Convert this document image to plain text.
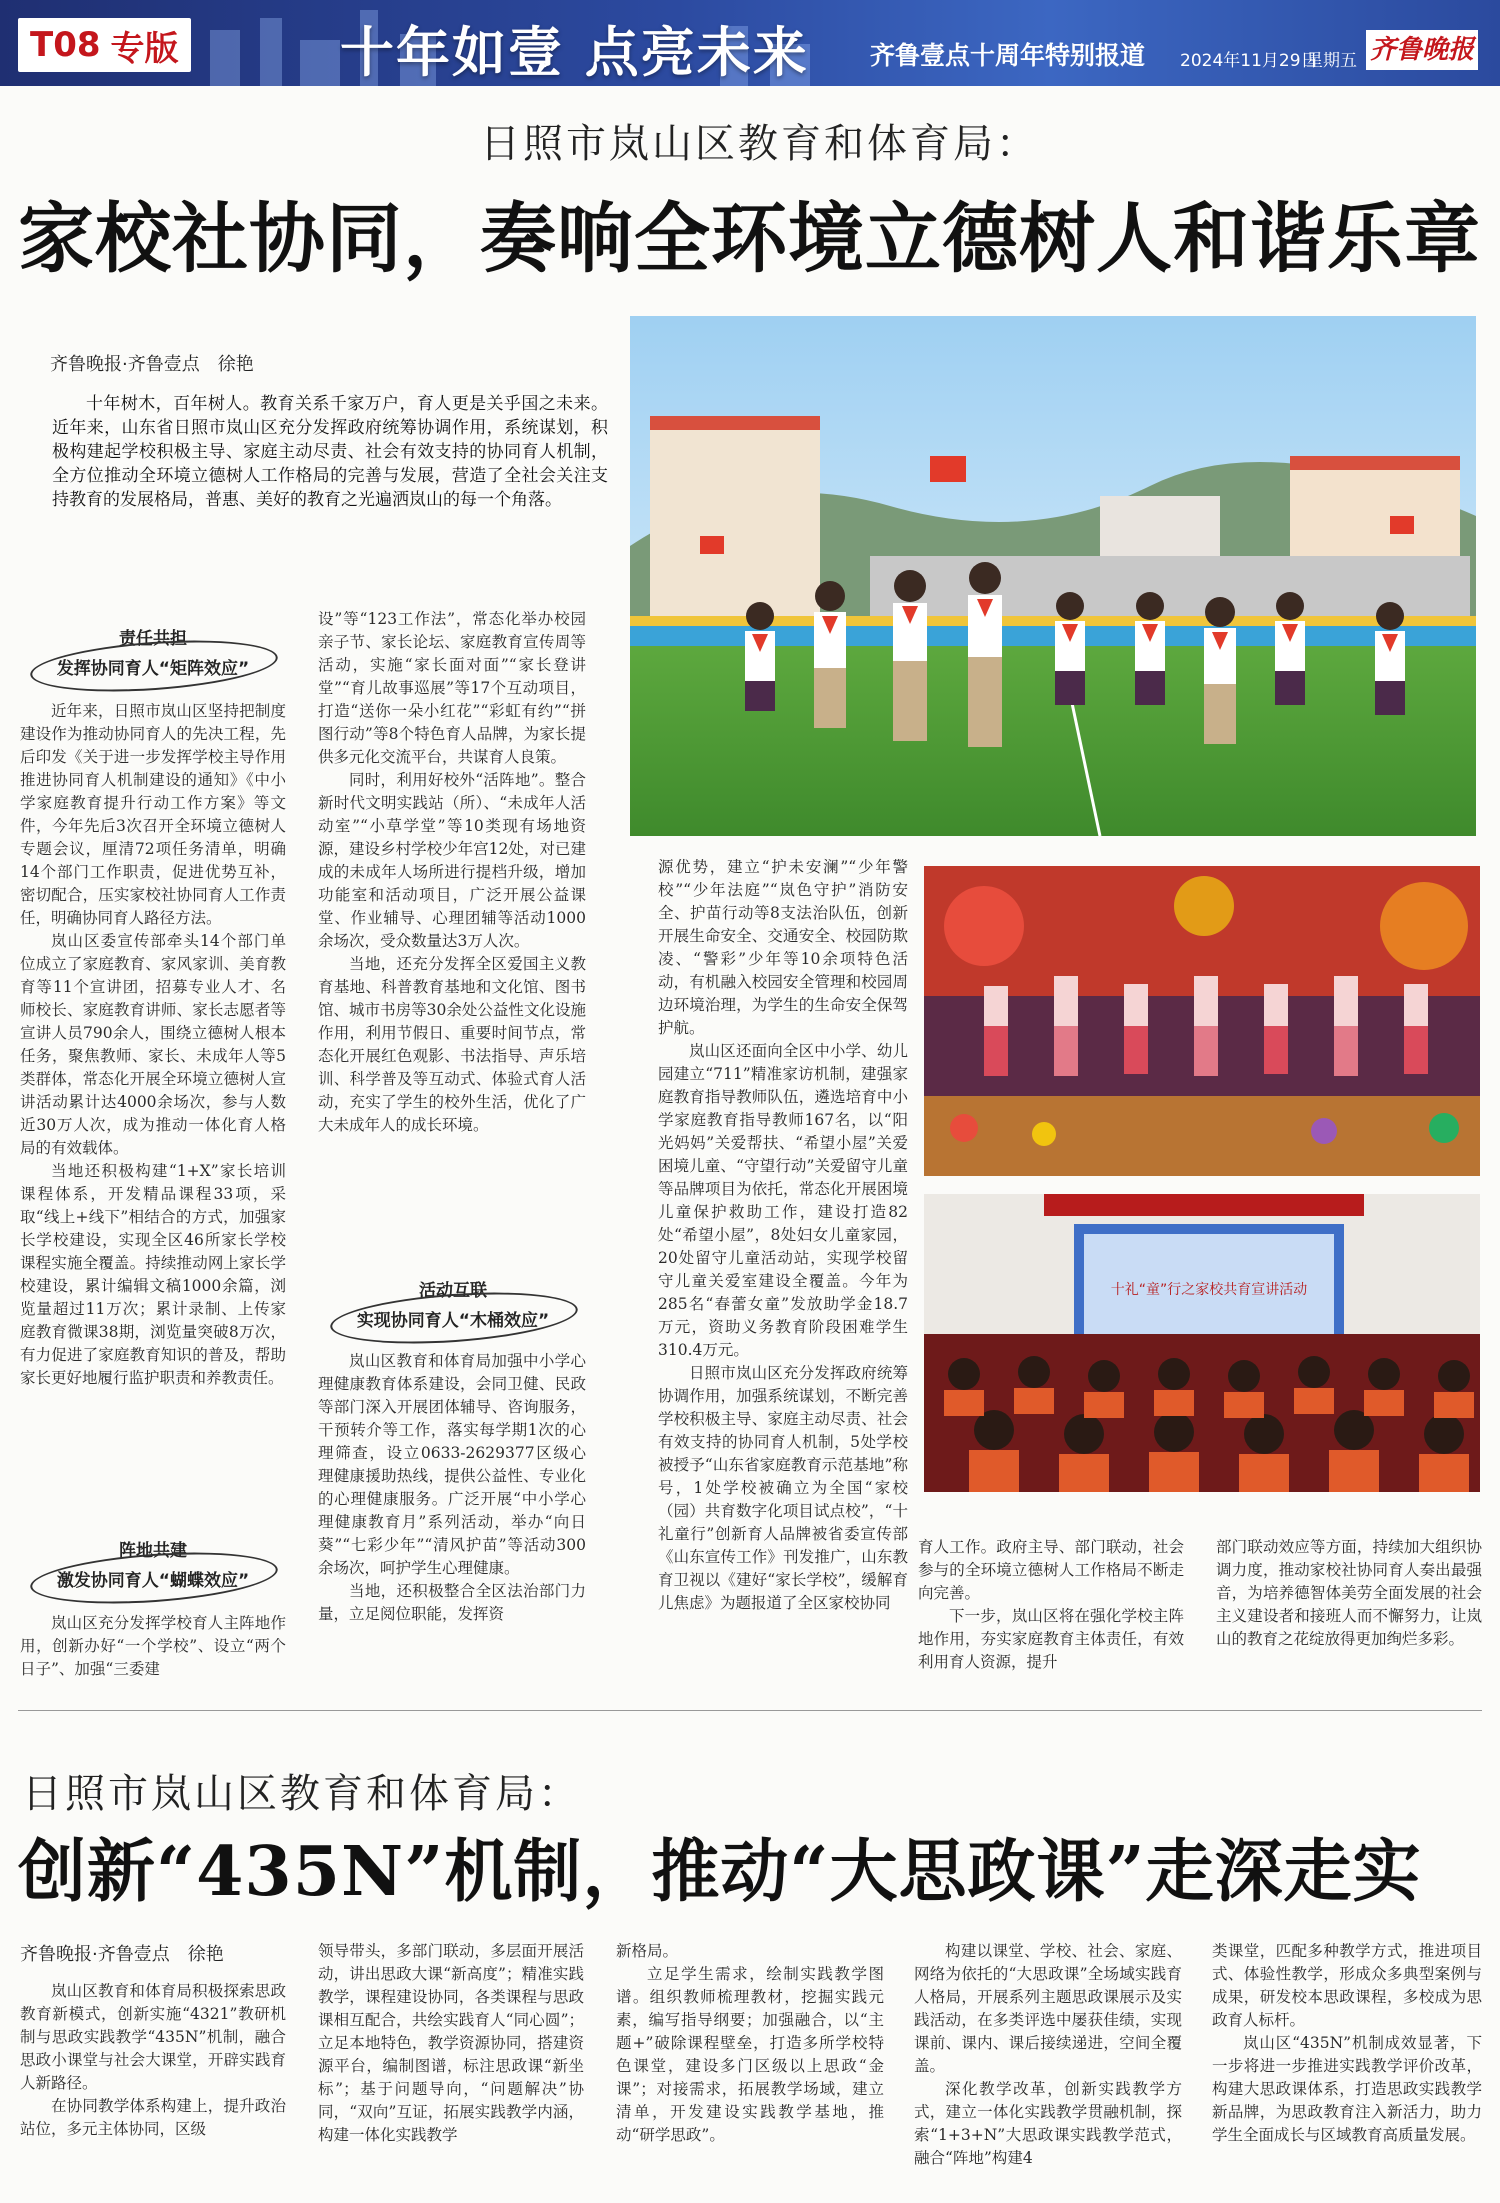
T08 专版	十年如壹 点亮未来 齐鲁壹点十周年特别报道 2024年11月29日
星期五 齐鲁晚报
日照市岚山区教育和体育局：
家校社协同，奏响全环境立德树人和谐乐章
齐鲁晚报·齐鲁壹点　徐艳

十年树木，百年树人。教育关系千家万户，育人更是关乎国之未来。近年来，山东省日照市岚山区充分发挥政府统筹协调作用，系统谋划，积极构建起学校积极主导、家庭主动尽责、社会有效支持的协同育人机制，全方位推动全环境立德树人工作格局的完善与发展，营造了全社会关注支持教育的发展格局，普惠、美好的教育之光遍洒岚山的每一个角落。

十礼“童”行之家校共育宣讲活动
责任共担
发挥协同育人“矩阵效应”
活动互联
实现协同育人“木桶效应”
阵地共建
激发协同育人“蝴蝶效应”

近年来，日照市岚山区坚持把制度建设作为推动协同育人的先决工程，先后印发《关于进一步发挥学校主导作用推进协同育人机制建设的通知》《中小学家庭教育提升行动工作方案》等文件，今年先后3次召开全环境立德树人专题会议，厘清72项任务清单，明确14个部门工作职责，促进优势互补，密切配合，压实家校社协同育人工作责任，明确协同育人路径方法。

岚山区委宣传部牵头14个部门单位成立了家庭教育、家风家训、美育教育等11个宣讲团，招募专业人才、名师校长、家庭教育讲师、家长志愿者等宣讲人员790余人，围绕立德树人根本任务，聚焦教师、家长、未成年人等5类群体，常态化开展全环境立德树人宣讲活动累计达4000余场次，参与人数近30万人次，成为推动一体化育人格局的有效载体。

当地还积极构建“1+X”家长培训课程体系，开发精品课程33项，采取“线上+线下”相结合的方式，加强家长学校建设，实现全区46所家长学校课程实施全覆盖。持续推动网上家长学校建设，累计编辑文稿1000余篇，浏览量超过11万次；累计录制、上传家庭教育微课38期，浏览量突破8万次，有力促进了家庭教育知识的普及，帮助家长更好地履行监护职责和养教责任。

岚山区充分发挥学校育人主阵地作用，创新办好“一个学校”、设立“两个日子”、加强“三委建

设”等“123工作法”，常态化举办校园亲子节、家长论坛、家庭教育宣传周等活动，实施“家长面对面”“家长登讲堂”“育儿故事巡展”等17个互动项目，打造“送你一朵小红花”“彩虹有约”“拼图行动”等8个特色育人品牌，为家长提供多元化交流平台，共谋育人良策。

同时，利用好校外“活阵地”。整合新时代文明实践站（所）、“未成年人活动室”“小草学堂”等10类现有场地资源，建设乡村学校少年宫12处，对已建成的未成年人场所进行提档升级，增加功能室和活动项目，广泛开展公益课堂、作业辅导、心理团辅等活动1000余场次，受众数量达3万人次。

当地，还充分发挥全区爱国主义教育基地、科普教育基地和文化馆、图书馆、城市书房等30余处公益性文化设施作用，利用节假日、重要时间节点，常态化开展红色观影、书法指导、声乐培训、科学普及等互动式、体验式育人活动，充实了学生的校外生活，优化了广大未成年人的成长环境。

岚山区教育和体育局加强中小学心理健康教育体系建设，会同卫健、民政等部门深入开展团体辅导、咨询服务，干预转介等工作，落实每学期1次的心理筛查，设立0633-2629377区级心理健康援助热线，提供公益性、专业化的心理健康服务。广泛开展“中小学心理健康教育月”系列活动，举办“向日葵”“七彩少年”“清风护苗”等活动300余场次，呵护学生心理健康。

当地，还积极整合全区法治部门力量，立足阅位职能，发挥资

源优势，建立“护未安澜”“少年警校”“少年法庭”“岚色守护”消防安全、护苗行动等8支法治队伍，创新开展生命安全、交通安全、校园防欺凌、“警彩”少年等10余项特色活动，有机融入校园安全管理和校园周边环境治理，为学生的生命安全保驾护航。

岚山区还面向全区中小学、幼儿园建立“711”精准家访机制，建强家庭教育指导教师队伍，遴选培育中小学家庭教育指导教师167名，以“阳光妈妈”关爱帮扶、“希望小屋”关爱困境儿童、“守望行动”关爱留守儿童等品牌项目为依托，常态化开展困境儿童保护救助工作，建设打造82处“希望小屋”，8处妇女儿童家园，20处留守儿童活动站，实现学校留守儿童关爱室建设全覆盖。今年为285名“春蕾女童”发放助学金18.7万元，资助义务教育阶段困难学生310.4万元。

日照市岚山区充分发挥政府统筹协调作用，加强系统谋划，不断完善学校积极主导、家庭主动尽责、社会有效支持的协同育人机制，5处学校被授予“山东省家庭教育示范基地”称号，1处学校被确立为全国“家校（园）共育数字化项目试点校”，“十礼童行”创新育人品牌被省委宣传部《山东宣传工作》刊发推广，山东教育卫视以《建好“家长学校”，缓解育儿焦虑》为题报道了全区家校协同

育人工作。政府主导、部门联动，社会参与的全环境立德树人工作格局不断走向完善。

下一步，岚山区将在强化学校主阵地作用，夯实家庭教育主体责任，有效利用育人资源，提升

部门联动效应等方面，持续加大组织协调力度，推动家校社协同育人奏出最强音，为培养德智体美劳全面发展的社会主义建设者和接班人而不懈努力，让岚山的教育之花绽放得更加绚烂多彩。

日照市岚山区教育和体育局：
创新“435N”机制，推动“大思政课”走深走实
齐鲁晚报·齐鲁壹点　徐艳

岚山区教育和体育局积极探索思政教育新模式，创新实施“4321”教研机制与思政实践教学“435N”机制，融合思政小课堂与社会大课堂，开辟实践育人新路径。

在协同教学体系构建上，提升政治站位，多元主体协同，区级

领导带头，多部门联动，多层面开展活动，讲出思政大课“新高度”；精准实践教学，课程建设协同，各类课程与思政课相互配合，共绘实践育人“同心圆”；立足本地特色，教学资源协同，搭建资源平台，编制图谱，标注思政课“新坐标”；基于问题导向，“问题解决”协同，“双向”互证，拓展实践教学内涵，构建一体化实践教学

新格局。

立足学生需求，绘制实践教学图谱。组织教师梳理教材，挖掘实践元素，编写指导纲要；加强融合，以“主题+”破除课程壁垒，打造多所学校特色课堂，建设多门区级以上思政“金课”；对接需求，拓展教学场域，建立清单，开发建设实践教学基地，推动“研学思政”。

构建以课堂、学校、社会、家庭、网络为依托的“大思政课”全场域实践育人格局，开展系列主题思政课展示及实践活动，在多类评选中屡获佳绩，实现课前、课内、课后接续递进，空间全覆盖。

深化教学改革，创新实践教学方式，建立一体化实践教学贯融机制，探索“1+3+N”大思政课实践教学范式，融合“阵地”构建4

类课堂，匹配多种教学方式，推进项目式、体验性教学，形成众多典型案例与成果，研发校本思政课程，多校成为思政育人标杆。

岚山区“435N”机制成效显著，下一步将进一步推进实践教学评价改革，构建大思政课体系，打造思政实践教学新品牌，为思政教育注入新活力，助力学生全面成长与区域教育高质量发展。
